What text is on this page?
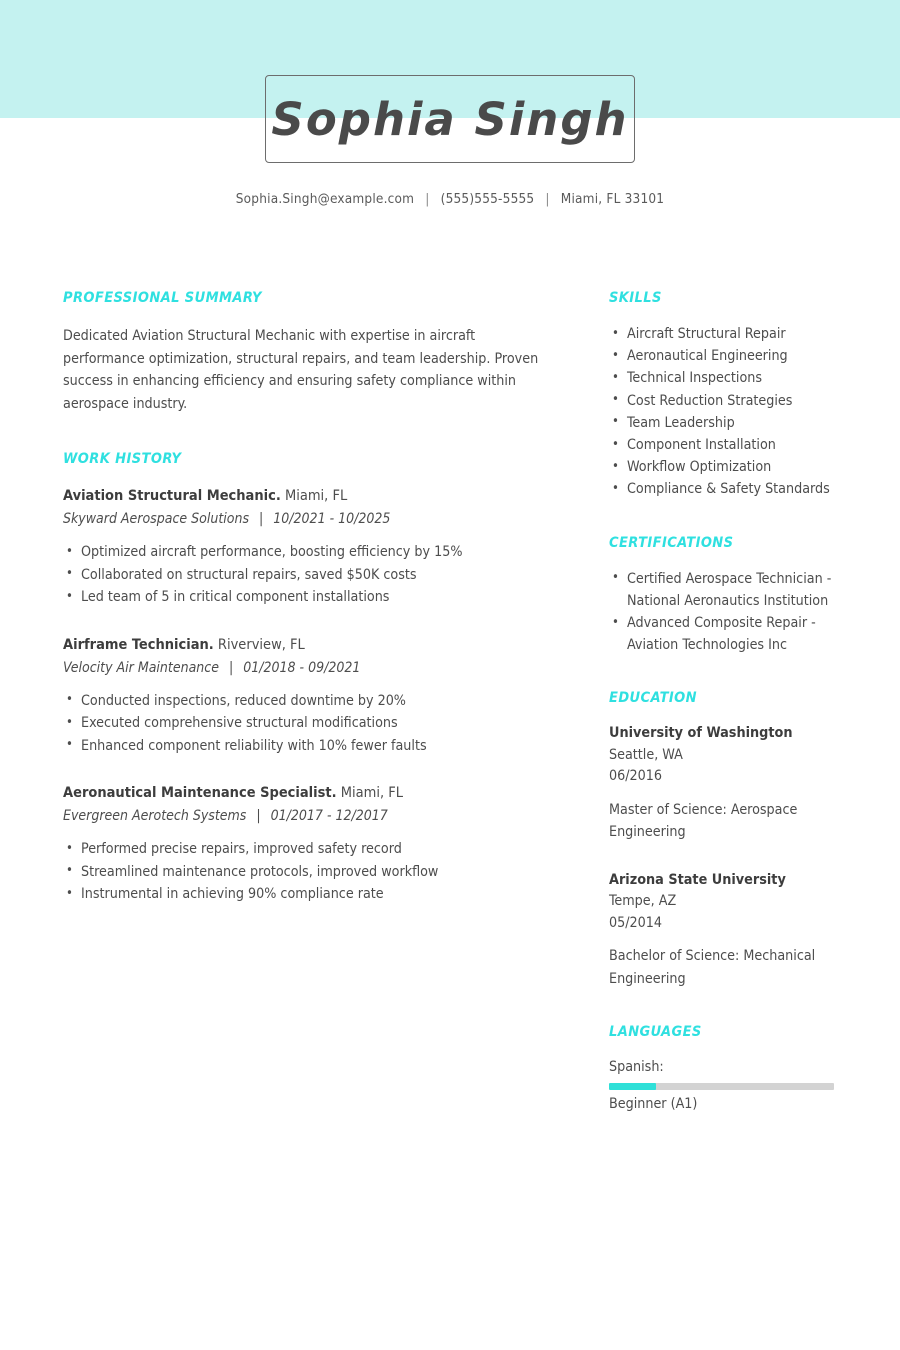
Sophia Singh
Sophia.Singh@example.com | (555)555-5555 | Miami, FL 33101
PROFESSIONAL SUMMARY
Dedicated Aviation Structural Mechanic with expertise in aircraft performance optimization, structural repairs, and team leadership. Proven success in enhancing efficiency and ensuring safety compliance within aerospace industry.
WORK HISTORY
Aviation Structural Mechanic. Miami, FL
Skyward Aerospace Solutions | 10/2021 - 10/2025
• Optimized aircraft performance, boosting efficiency by 15%
• Collaborated on structural repairs, saved $50K costs
• Led team of 5 in critical component installations
Airframe Technician. Riverview, FL
Velocity Air Maintenance | 01/2018 - 09/2021
• Conducted inspections, reduced downtime by 20%
• Executed comprehensive structural modifications
• Enhanced component reliability with 10% fewer faults
Aeronautical Maintenance Specialist. Miami, FL
Evergreen Aerotech Systems | 01/2017 - 12/2017
• Performed precise repairs, improved safety record
• Streamlined maintenance protocols, improved workflow
• Instrumental in achieving 90% compliance rate
SKILLS
• Aircraft Structural Repair
• Aeronautical Engineering
• Technical Inspections
• Cost Reduction Strategies
• Team Leadership
• Component Installation
• Workflow Optimization
• Compliance & Safety Standards
CERTIFICATIONS
• Certified Aerospace Technician - National Aeronautics Institution
• Advanced Composite Repair - Aviation Technologies Inc
EDUCATION
University of Washington
Seattle, WA
06/2016
Master of Science: Aerospace Engineering
Arizona State University
Tempe, AZ
05/2014
Bachelor of Science: Mechanical Engineering
LANGUAGES
Spanish:
Beginner (A1)
